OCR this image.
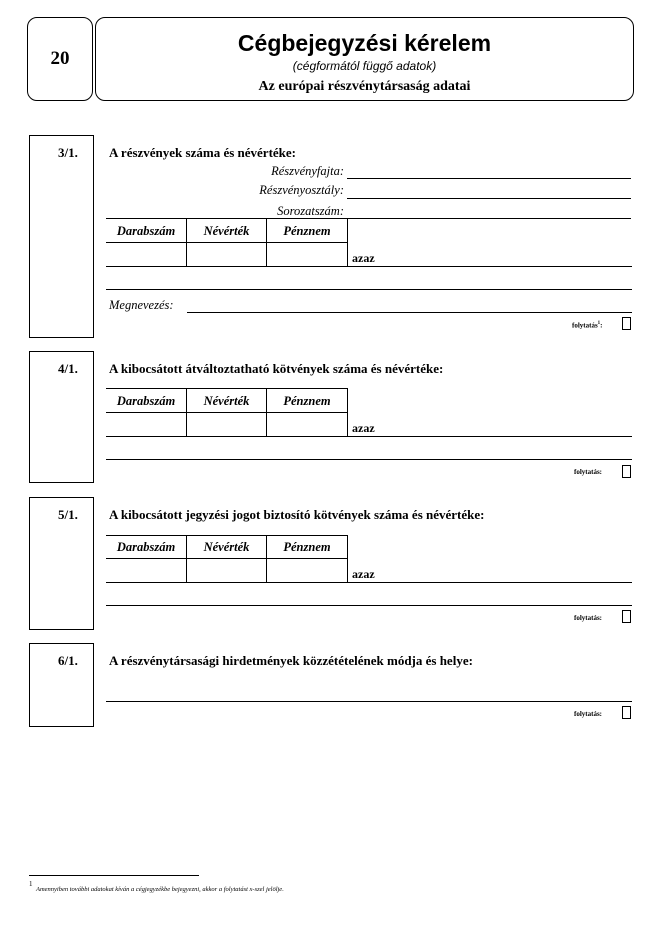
20
Cégbejegyzési kérelem
(cégformától függő adatok)
Az európai részvénytársaság adatai
3/1. A részvények száma és névértéke:
Részvényfajta:
Részvényosztály:
Sorozatszám:
Darabszám	Névérték	Pénznem
azaz
Megnevezés:
folytatás$^1$:
4/1. A kibocsátott átváltoztatható kötvények száma és névértéke:
Darabszám	Névérték	Pénznem
azaz
folytatás:
5/1. A kibocsátott jegyzési jogot biztosító kötvények száma és névértéke:
Darabszám	Névérték	Pénznem
azaz
folytatás:
6/1. A részvénytársasági hirdetmények közzétételének módja és helye:
folytatás:
1
Amennyiben további adatokat kíván a cégjegyzékbe bejegyezni, akkor a folytatást x-szel jelölje.
